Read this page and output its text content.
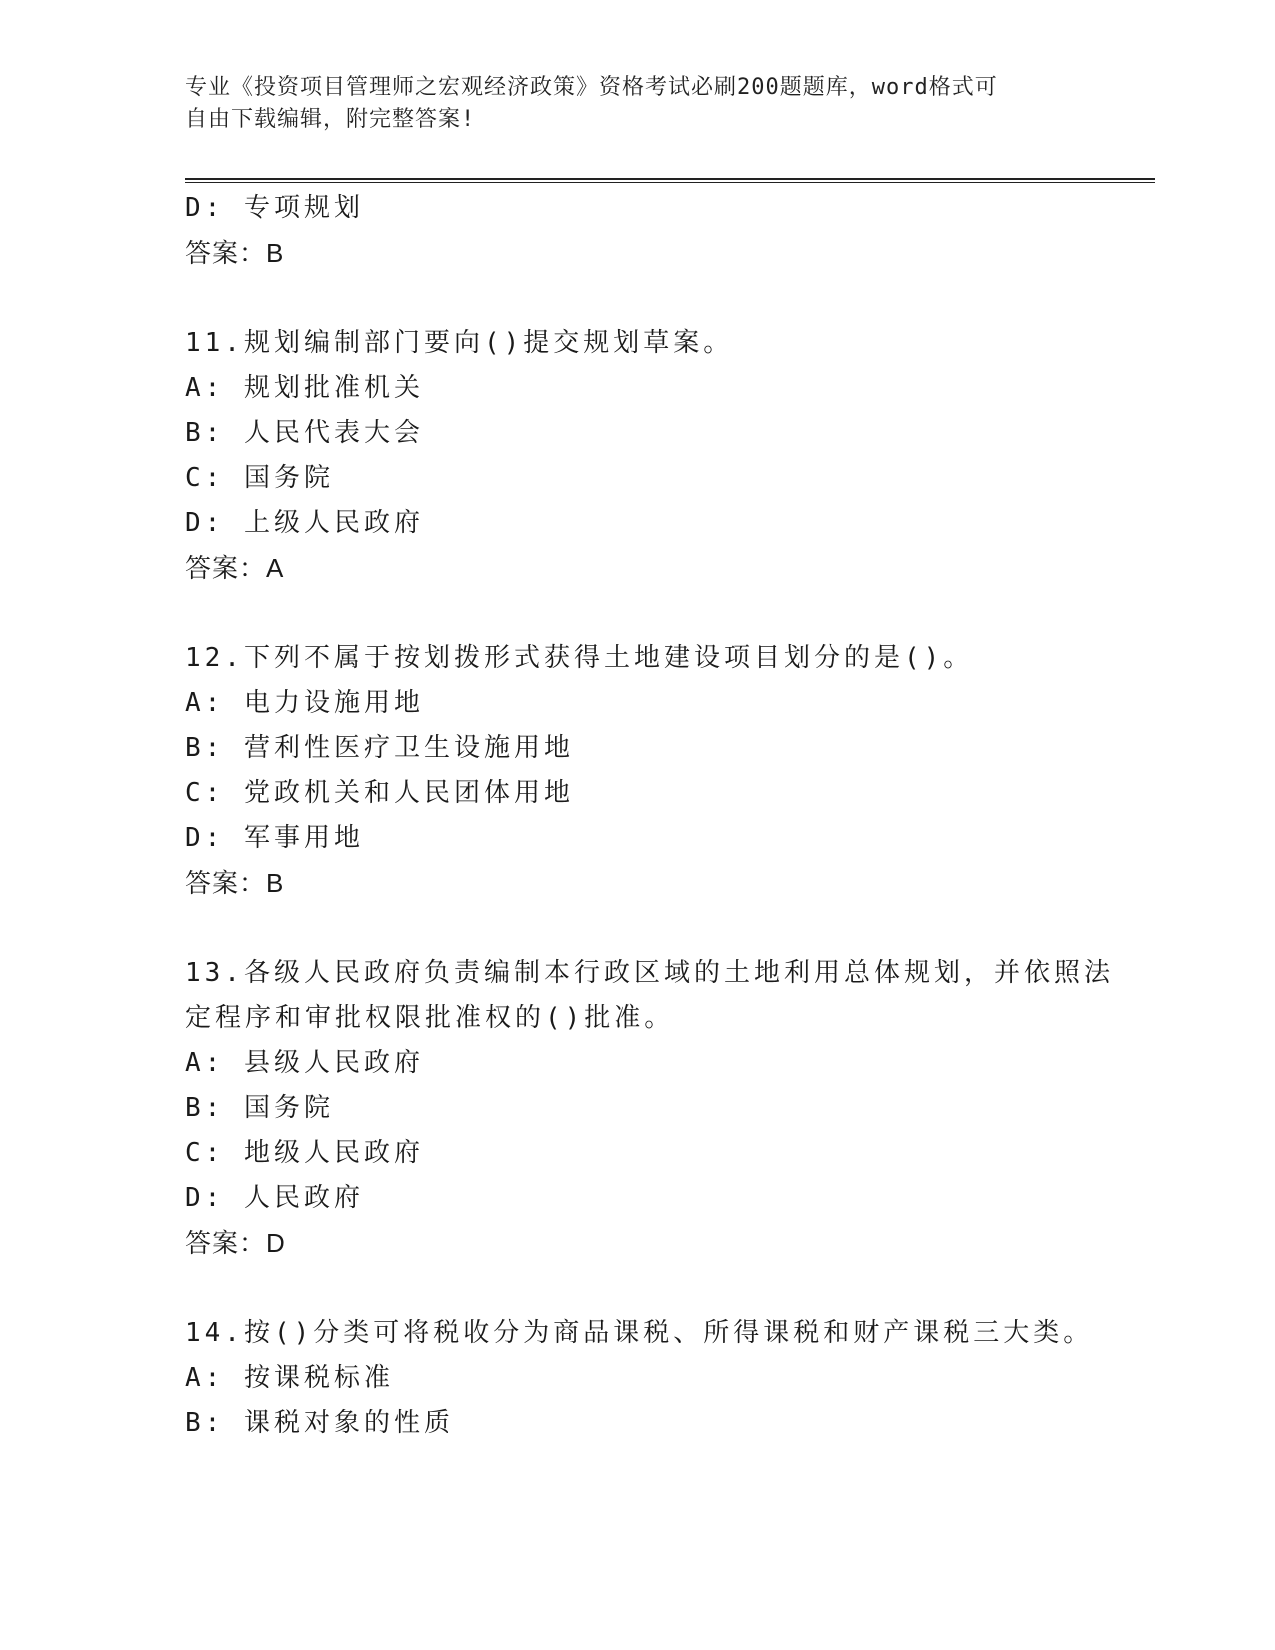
专业《投资项目管理师之宏观经济政策》资格考试必刷200题题库，word格式可
自由下载编辑，附完整答案!
D: 专项规划
答案：B
11.规划编制部门要向()提交规划草案。
A: 规划批准机关
B: 人民代表大会
C: 国务院
D: 上级人民政府
答案：A
12.下列不属于按划拨形式获得土地建设项目划分的是()。
A: 电力设施用地
B: 营利性医疗卫生设施用地
C: 党政机关和人民团体用地
D: 军事用地
答案：B
13.各级人民政府负责编制本行政区域的土地利用总体规划，并依照法
定程序和审批权限批准权的()批准。
A: 县级人民政府
B: 国务院
C: 地级人民政府
D: 人民政府
答案：D
14.按()分类可将税收分为商品课税、所得课税和财产课税三大类。
A: 按课税标准
B: 课税对象的性质
